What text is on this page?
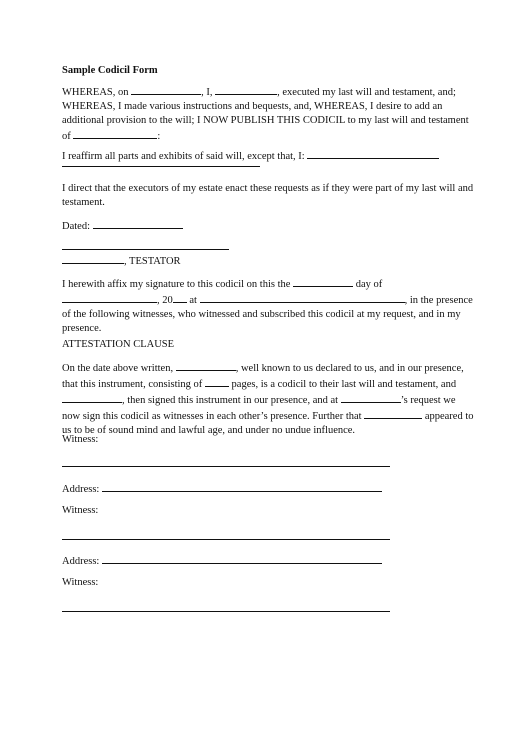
Sample Codicil Form
WHEREAS, on	, I,	, executed my last will and testament, and; WHEREAS, I made various instructions and bequests, and, WHEREAS, I desire to add an additional provision to the will; I NOW PUBLISH THIS CODICIL to my last will and testament of	:
I reaffirm all parts and exhibits of said will, except that, I:
I direct that the executors of my estate enact these requests as if they were part of my last will and testament.
Dated:
, TESTATOR
I herewith affix my signature to this codicil on this the	day of , 20 at	, in the presence of the following witnesses, who witnessed and subscribed this codicil at my request, and in my presence.
ATTESTATION CLAUSE
On the date above written,	, well known to us declared to us, and in our presence, that this instrument, consisting of	pages, is a codicil to their last will and testament, and , then signed this instrument in our presence, and at	’s request we now sign this codicil as witnesses in each other’s presence. Further that	appeared to us to be of sound mind and lawful age, and under no undue influence.
Witness:
Address:
Witness:
Address:
Witness:
